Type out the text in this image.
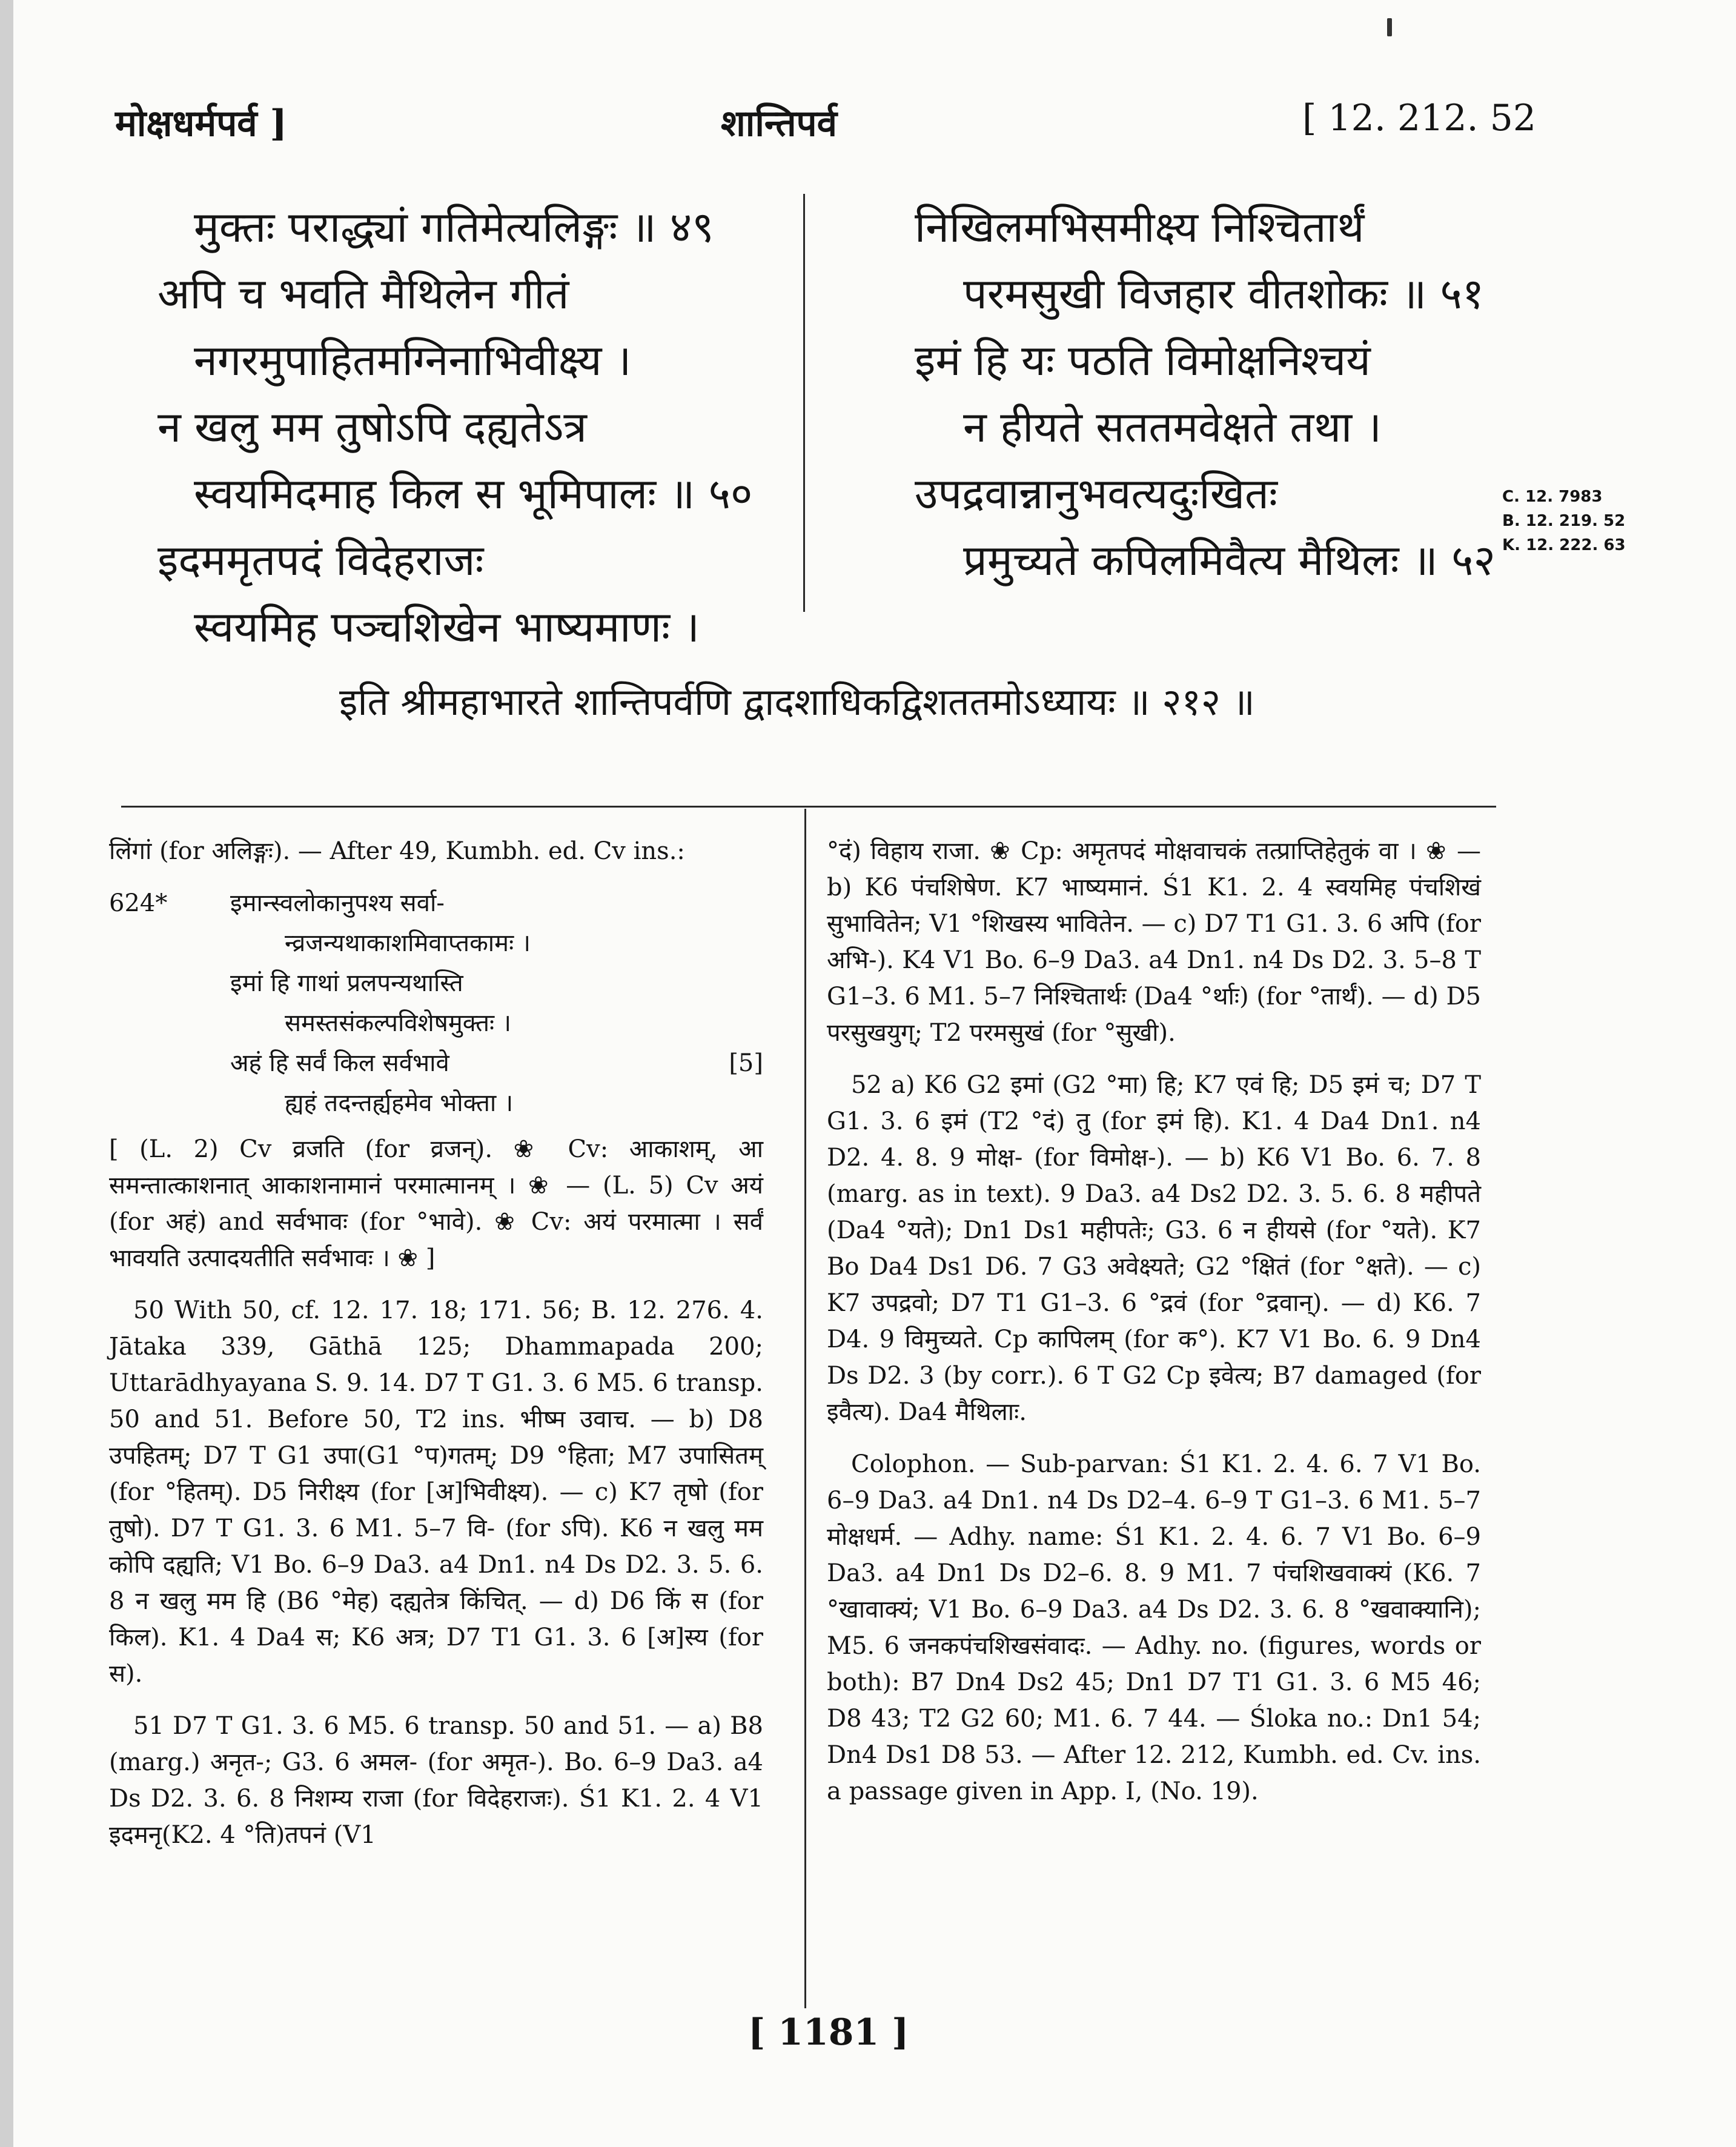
मोक्षधर्मपर्व ]	शान्तिपर्व	[ 12. 212. 52
मुक्तः पराद्ध्यां गतिमेत्यलिङ्गः ॥ ४९
अपि च भवति मैथिलेन गीतं
नगरमुपाहितमग्निनाभिवीक्ष्य ।
न खलु मम तुषोऽपि दह्यतेऽत्र
स्वयमिदमाह किल स भूमिपालः ॥ ५०
इदममृतपदं विदेहराजः
स्वयमिह पञ्चशिखेन भाष्यमाणः ।
निखिलमभिसमीक्ष्य निश्चितार्थं
परमसुखी विजहार वीतशोकः ॥ ५१
इमं हि यः पठति विमोक्षनिश्चयं
न हीयते सततमवेक्षते तथा ।
उपद्रवान्नानुभवत्यदुःखितः
प्रमुच्यते कपिलमिवैत्य मैथिलः ॥ ५२
C. 12. 7983
B. 12. 219. 52
K. 12. 222. 63
इति श्रीमहाभारते शान्तिपर्वणि द्वादशाधिकद्विशततमोऽध्यायः ॥ २१२ ॥
लिंगां (for अलिङ्गः). — After 49, Kumbh. ed. Cv ins.:
624*	इमान्स्वलोकानुपश्य सर्वा-
न्व्रजन्यथाकाशमिवाप्तकामः ।
इमां हि गाथां प्रलपन्यथास्ति
समस्तसंकल्पविशेषमुक्तः ।
अहं हि सर्वं किल सर्वभावे	[5]
ह्यहं तदन्तर्ह्यहमेव भोक्ता ।
[ (L. 2) Cv व्रजति (for व्रजन्). ❀ Cv: आकाशम्, आ समन्तात्काशनात् आकाशनामानं परमात्मानम् । ❀ — (L. 5) Cv अयं (for अहं) and सर्वभावः (for °भावे). ❀ Cv: अयं परमात्मा । सर्वं भावयति उत्पादयतीति सर्वभावः । ❀ ]
50 With 50, cf. 12. 17. 18; 171. 56; B. 12. 276. 4. Jātaka 339, Gāthā 125; Dhammapada 200; Uttarādhyayana S. 9. 14. D7 T G1. 3. 6 M5. 6 transp. 50 and 51. Before 50, T2 ins. भीष्म उवाच. — b) D8 उपहितम्; D7 T G1 उपा(G1 °प)गतम्; D9 °हिता; M7 उपासितम् (for °हितम्). D5 निरीक्ष्य (for [अ]भिवीक्ष्य). — c) K7 तृषो (for तुषो). D7 T G1. 3. 6 M1. 5–7 वि- (for ऽपि). K6 न खलु मम कोपि दह्यति; V1 Bo. 6–9 Da3. a4 Dn1. n4 Ds D2. 3. 5. 6. 8 न खलु मम हि (B6 °मेह) दह्यतेत्र किंचित्. — d) D6 किं स (for किल). K1. 4 Da4 स; K6 अत्र; D7 T1 G1. 3. 6 [अ]स्य (for स).
51 D7 T G1. 3. 6 M5. 6 transp. 50 and 51. — a) B8 (marg.) अनृत-; G3. 6 अमल- (for अमृत-). Bo. 6–9 Da3. a4 Ds D2. 3. 6. 8 निशम्य राजा (for विदेहराजः). Ś1 K1. 2. 4 V1 इदमनृ(K2. 4 °ति)तपनं (V1
°दं) विहाय राजा. ❀ Cp: अमृतपदं मोक्षवाचकं तत्प्राप्तिहेतुकं वा । ❀ — b) K6 पंचशिषेण. K7 भाष्यमानं. Ś1 K1. 2. 4 स्वयमिह पंचशिखं सुभावितेन; V1 °शिखस्य भावितेन. — c) D7 T1 G1. 3. 6 अपि (for अभि-). K4 V1 Bo. 6–9 Da3. a4 Dn1. n4 Ds D2. 3. 5–8 T G1–3. 6 M1. 5–7 निश्चितार्थः (Da4 °र्थाः) (for °तार्थं). — d) D5 परसुखयुग्; T2 परमसुखं (for °सुखी).
52 a) K6 G2 इमां (G2 °मा) हि; K7 एवं हि; D5 इमं च; D7 T G1. 3. 6 इमं (T2 °दं) तु (for इमं हि). K1. 4 Da4 Dn1. n4 D2. 4. 8. 9 मोक्ष- (for विमोक्ष-). — b) K6 V1 Bo. 6. 7. 8 (marg. as in text). 9 Da3. a4 Ds2 D2. 3. 5. 6. 8 महीपते (Da4 °यते); Dn1 Ds1 महीपतेः; G3. 6 न हीयसे (for °यते). K7 Bo Da4 Ds1 D6. 7 G3 अवेक्ष्यते; G2 °क्षितं (for °क्षते). — c) K7 उपद्रवो; D7 T1 G1–3. 6 °द्रवं (for °द्रवान्). — d) K6. 7 D4. 9 विमुच्यते. Cp कापिलम् (for क°). K7 V1 Bo. 6. 9 Dn4 Ds D2. 3 (by corr.). 6 T G2 Cp इवेत्य; B7 damaged (for इवैत्य). Da4 मैथिलाः.
Colophon. — Sub-parvan: Ś1 K1. 2. 4. 6. 7 V1 Bo. 6–9 Da3. a4 Dn1. n4 Ds D2–4. 6–9 T G1–3. 6 M1. 5–7 मोक्षधर्म. — Adhy. name: Ś1 K1. 2. 4. 6. 7 V1 Bo. 6–9 Da3. a4 Dn1 Ds D2–6. 8. 9 M1. 7 पंचशिखवाक्यं (K6. 7 °खावाक्यं; V1 Bo. 6–9 Da3. a4 Ds D2. 3. 6. 8 °खवाक्यानि); M5. 6 जनकपंचशिखसंवादः. — Adhy. no. (figures, words or both): B7 Dn4 Ds2 45; Dn1 D7 T1 G1. 3. 6 M5 46; D8 43; T2 G2 60; M1. 6. 7 44. — Śloka no.: Dn1 54; Dn4 Ds1 D8 53. — After 12. 212, Kumbh. ed. Cv. ins. a passage given in App. I, (No. 19).
[ 1181 ]
